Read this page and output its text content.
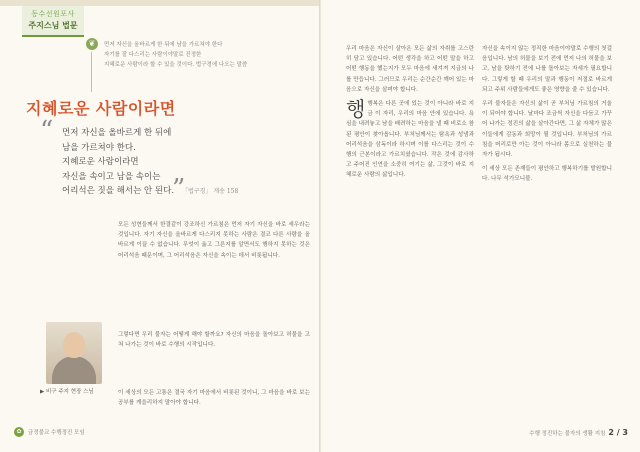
동수선원포사
주지스님 법문
❦	먼저 자신을 올바르게 한 뒤에 남을 가르쳐야 한다
자기를 잘 다스리는 사람이야말로 진정한
지혜로운 사람이라 할 수 있을 것이다. 법구경에 나오는 말씀
지혜로운 사람이라면
“ 먼저 자신을 올바르게 한 뒤에
남을 가르쳐야 한다.
지혜로운 사람이라면
자신을 속이고 남을 속이는
어리석은 짓을 해서는 안 된다. 「법구경」 게송 158
”

모든 성현들께서 한결같이 강조하신 가르침은 먼저 자기 자신을 바로 세우라는 것입니다. 자기 자신을 올바르게 다스리지 못하는 사람은 결코 다른 사람을 올바르게 이끌 수 없습니다. 무엇이 옳고 그른지를 알면서도 행하지 못하는 것은 어리석음 때문이며, 그 어리석음은 자신을 속이는 데서 비롯됩니다.

그렇다면 우리 불자는 어떻게 해야 할까요? 자신의 마음을 돌아보고 허물을 고쳐 나가는 것이 바로 수행의 시작입니다.

이 세상의 모든 고통은 결국 자기 마음에서 비롯된 것이니, 그 마음을 바로 보는 공부를 게을리하지 말아야 합니다.

▶ 비구 주지 현장 스님
✿	금정불교 수행정진 모임

우리 마음은 자신이 살아온 모든 삶의 자취를 고스란히 담고 있습니다. 어떤 생각을 하고 어떤 말을 하고 어떤 행동을 했는지가 모두 마음에 새겨져 지금의 나를 만듭니다. 그러므로 우리는 순간순간 깨어 있는 마음으로 자신을 살펴야 합니다.

행행복은 다른 곳에 있는 것이 아니라 바로 지금 이 자리, 우리의 마음 안에 있습니다. 욕심을 내려놓고 남을 배려하는 마음을 낼 때 비로소 참된 평안이 찾아옵니다. 부처님께서는 탐욕과 성냄과 어리석음을 삼독이라 하시며 이를 다스리는 것이 수행의 근본이라고 가르치셨습니다. 작은 것에 감사하고 주어진 인연을 소중히 여기는 삶, 그것이 바로 지혜로운 사람의 삶입니다.

자신을 속이지 않는 정직한 마음이야말로 수행의 첫걸음입니다. 남의 허물을 보기 전에 먼저 나의 허물을 보고, 남을 탓하기 전에 나를 돌아보는 자세가 필요합니다. 그렇게 할 때 우리의 말과 행동이 저절로 바르게 되고 주위 사람들에게도 좋은 영향을 줄 수 있습니다.

우리 불자들은 자신의 삶이 곧 부처님 가르침의 거울이 되어야 합니다. 날마다 조금씩 자신을 다듬고 가꾸어 나가는 정진의 삶을 살아간다면, 그 삶 자체가 많은 이들에게 감동과 희망이 될 것입니다. 부처님의 가르침을 머리로만 아는 것이 아니라 몸으로 실천하는 불자가 됩시다.

이 세상 모든 존재들이 평안하고 행복하기를 발원합니다. 나무 석가모니불.

수행 정진하는 불자의 생활 지침 2 / 3
